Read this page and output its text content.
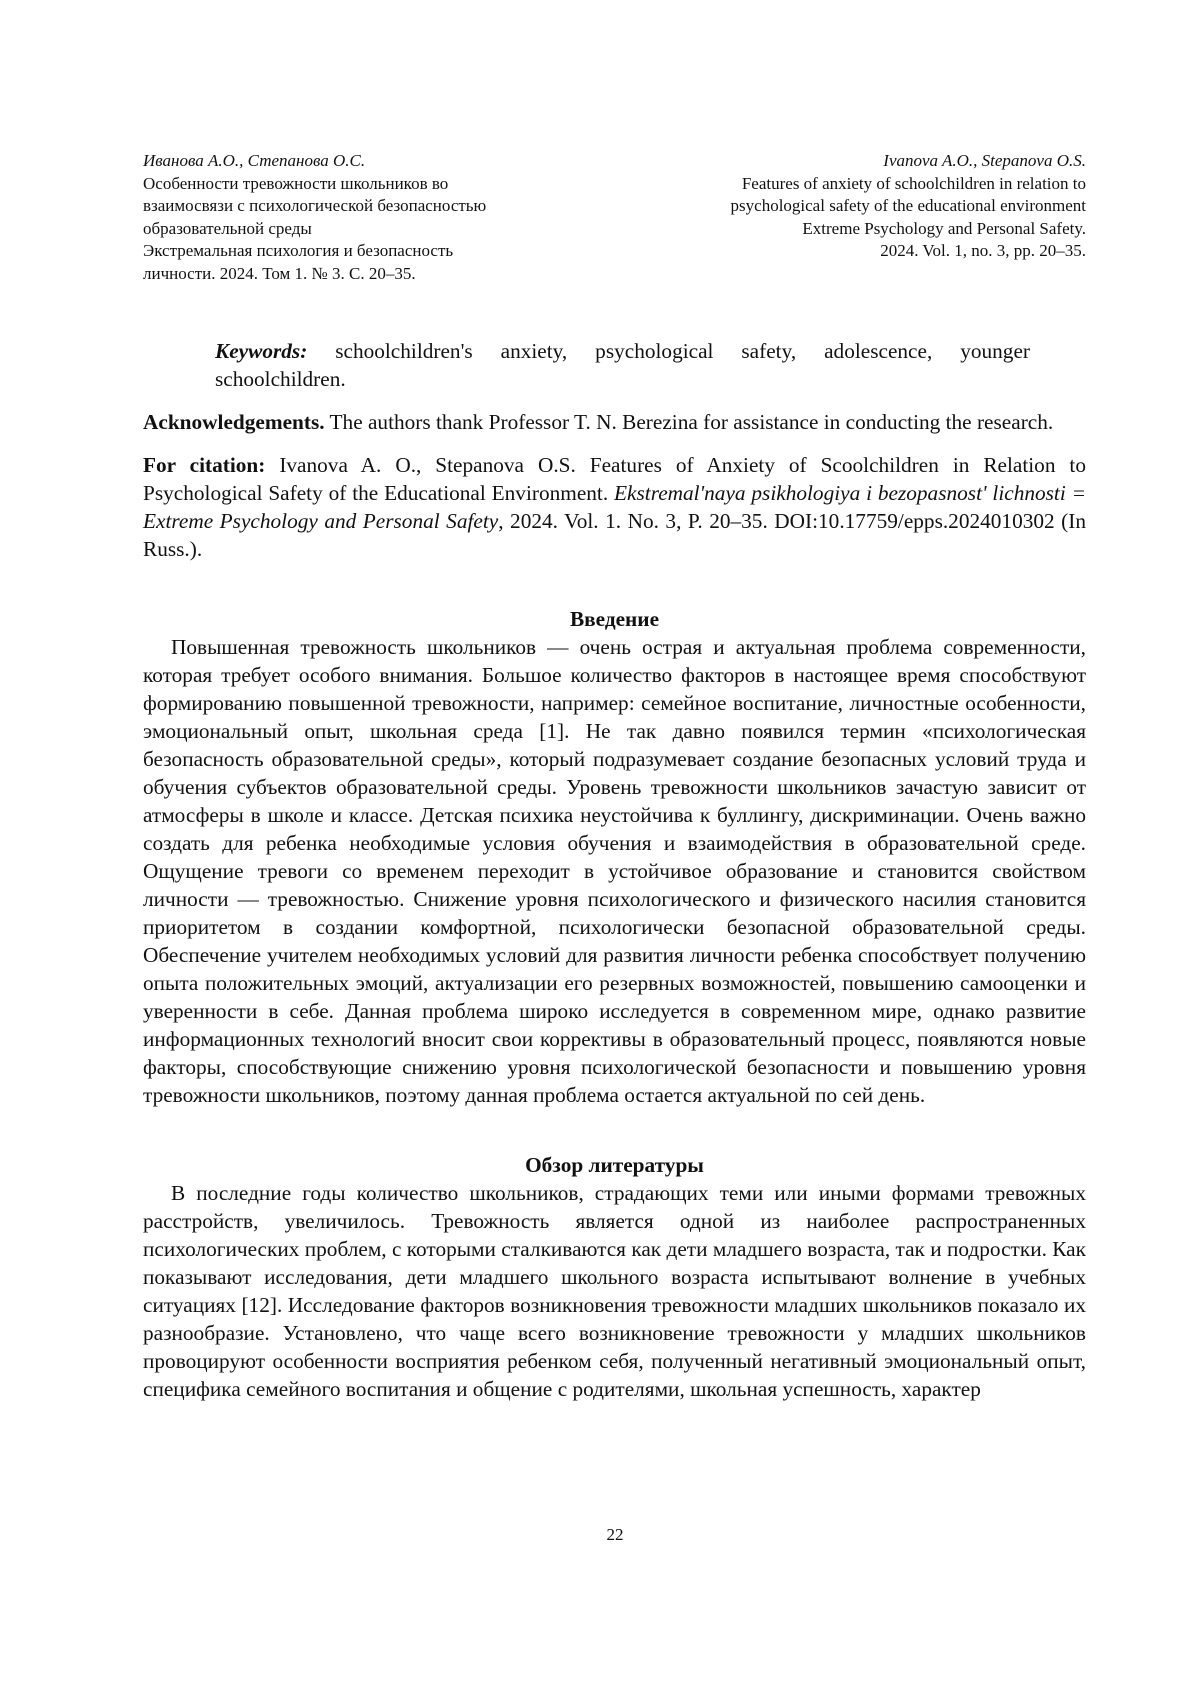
Иванова А.О., Степанова О.С.
Особенности тревожности школьников во
взаимосвязи с психологической безопасностью
образовательной среды
Экстремальная психология и безопасность
личности. 2024. Том 1. № 3. С. 20–35.
Ivanova A.O., Stepanova O.S.
Features of anxiety of schoolchildren in relation to
psychological safety of the educational environment
Extreme Psychology and Personal Safety.
2024. Vol. 1, no. 3, pp. 20–35.
Keywords: schoolchildren's anxiety, psychological safety, adolescence, younger schoolchildren.
Acknowledgements. The authors thank Professor T. N. Berezina for assistance in conducting the research.
For citation: Ivanova A. O., Stepanova O.S. Features of Anxiety of Scoolchildren in Relation to Psychological Safety of the Educational Environment. Ekstremal'naya psikhologiya i bezopasnost' lichnosti = Extreme Psychology and Personal Safety, 2024. Vol. 1. No. 3, P. 20–35. DOI:10.17759/epps.2024010302 (In Russ.).
Введение
Повышенная тревожность школьников — очень острая и актуальная проблема современности, которая требует особого внимания. Большое количество факторов в настоящее время способствуют формированию повышенной тревожности, например: семейное воспитание, личностные особенности, эмоциональный опыт, школьная среда [1]. Не так давно появился термин «психологическая безопасность образовательной среды», который подразумевает создание безопасных условий труда и обучения субъектов образовательной среды. Уровень тревожности школьников зачастую зависит от атмосферы в школе и классе. Детская психика неустойчива к буллингу, дискриминации. Очень важно создать для ребенка необходимые условия обучения и взаимодействия в образовательной среде. Ощущение тревоги со временем переходит в устойчивое образование и становится свойством личности — тревожностью. Снижение уровня психологического и физического насилия становится приоритетом в создании комфортной, психологически безопасной образовательной среды. Обеспечение учителем необходимых условий для развития личности ребенка способствует получению опыта положительных эмоций, актуализации его резервных возможностей, повышению самооценки и уверенности в себе. Данная проблема широко исследуется в современном мире, однако развитие информационных технологий вносит свои коррективы в образовательный процесс, появляются новые факторы, способствующие снижению уровня психологической безопасности и повышению уровня тревожности школьников, поэтому данная проблема остается актуальной по сей день.
Обзор литературы
В последние годы количество школьников, страдающих теми или иными формами тревожных расстройств, увеличилось. Тревожность является одной из наиболее распространенных психологических проблем, с которыми сталкиваются как дети младшего возраста, так и подростки. Как показывают исследования, дети младшего школьного возраста испытывают волнение в учебных ситуациях [12]. Исследование факторов возникновения тревожности младших школьников показало их разнообразие. Установлено, что чаще всего возникновение тревожности у младших школьников провоцируют особенности восприятия ребенком себя, полученный негативный эмоциональный опыт, специфика семейного воспитания и общение с родителями, школьная успешность, характер
22
